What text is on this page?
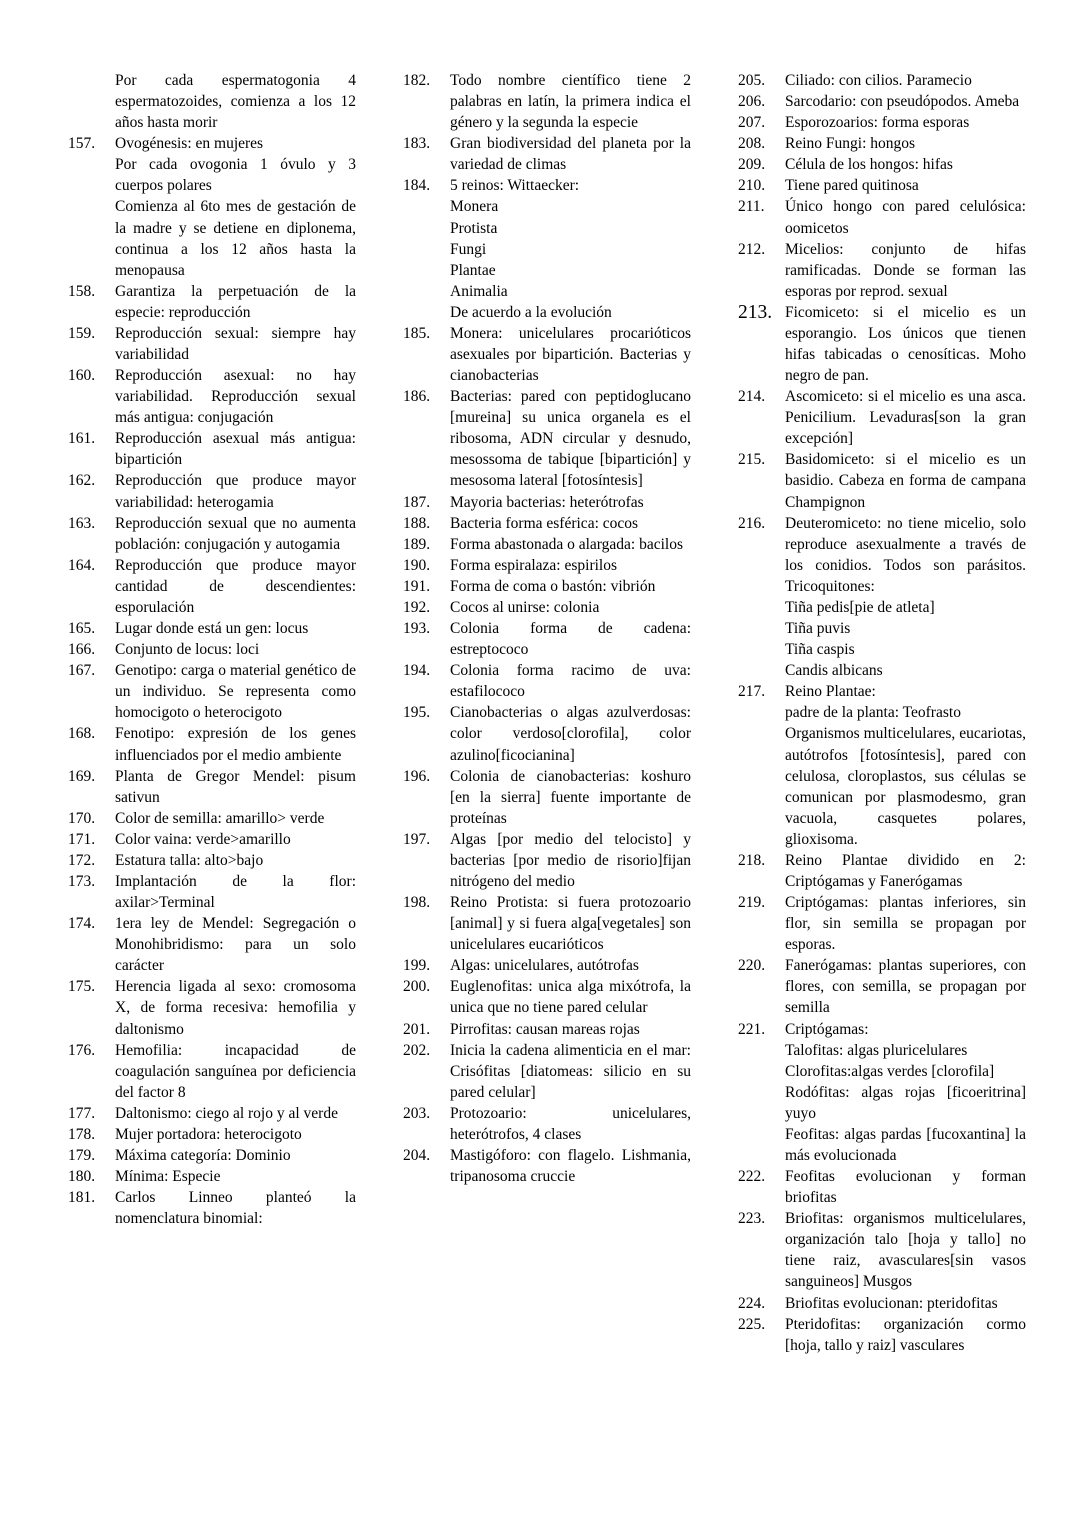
Por cada espermatogonia 4 espermatozoides, comienza a los 12 años hasta morir

157.	Ovogénesis: en mujeres

Por cada ovogonia 1 óvulo y 3 cuerpos polares

Comienza al 6to mes de gestación de la madre y se detiene en diplonema, continua a los 12 años hasta la menopausa

158.	Garantiza la perpetuación de la especie: reproducción

159.	Reproducción sexual: siempre hay variabilidad

160.	Reproducción asexual: no hay variabilidad. Reproducción sexual más antigua: conjugación

161.	Reproducción asexual más antigua: bipartición

162.	Reproducción que produce mayor variabilidad: heterogamia

163.	Reproducción sexual que no aumenta población: conjugación y autogamia

164.	Reproducción que produce mayor cantidad de descendientes: esporulación

165.	Lugar donde está un gen: locus

166.	Conjunto de locus: loci

167.	Genotipo: carga o material genético de un individuo. Se representa como homocigoto o heterocigoto

168.	Fenotipo: expresión de los genes influenciados por el medio ambiente

169.	Planta de Gregor Mendel: pisum sativun

170.	Color de semilla: amarillo> verde

171.	Color vaina: verde>amarillo

172.	Estatura talla: alto>bajo

173.	Implantación de la flor: axilar>Terminal

174.	1era ley de Mendel: Segregación o Monohibridismo: para un solo carácter

175.	Herencia ligada al sexo: cromosoma X, de forma recesiva: hemofilia y daltonismo

176.	Hemofilia: incapacidad de coagulación sanguínea por deficiencia del factor 8

177.	Daltonismo: ciego al rojo y al verde

178.	Mujer portadora: heterocigoto

179.	Máxima categoría: Dominio

180.	Mínima: Especie

181.	Carlos Linneo planteó la nomenclatura binomial:

182.	Todo nombre científico tiene 2 palabras en latín, la primera indica el género y la segunda la especie

183.	Gran biodiversidad del planeta por la variedad de climas

184.	5 reinos: Wittaecker:

Monera

Protista

Fungi

Plantae

Animalia

De acuerdo a la evolución

185.	Monera: unicelulares procarióticos asexuales por bipartición. Bacterias y cianobacterias

186.	Bacterias: pared con peptidoglucano [mureina] su unica organela es el ribosoma, ADN circular y desnudo, mesossoma de tabique [bipartición] y mesosoma lateral [fotosíntesis]

187.	Mayoria bacterias: heterótrofas

188.	Bacteria forma esférica: cocos

189.	Forma abastonada o alargada: bacilos

190.	Forma espiralaza: espirilos

191.	Forma de coma o bastón: vibrión

192.	Cocos al unirse: colonia

193.	Colonia forma de cadena: estreptococo

194.	Colonia forma racimo de uva: estafilococo

195.	Cianobacterias o algas azulverdosas: color verdoso[clorofila], color azulino[ficocianina]

196.	Colonia de cianobacterias: koshuro [en la sierra] fuente importante de proteínas

197.	Algas [por medio del telocisto] y bacterias [por medio de risorio]fijan nitrógeno del medio

198.	Reino Protista: si fuera protozoario [animal] y si fuera alga[vegetales] son unicelulares eucarióticos

199.	Algas: unicelulares, autótrofas

200.	Euglenofitas: unica alga mixótrofa, la unica que no tiene pared celular

201.	Pirrofitas: causan mareas rojas

202.	Inicia la cadena alimenticia en el mar: Crisófitas [diatomeas: silicio en su pared celular]

203.	Protozoario: unicelulares, heterótrofos, 4 clases

204.	Mastigóforo: con flagelo. Lishmania, tripanosoma cruccie

205.	Ciliado: con cilios. Paramecio

206.	Sarcodario: con pseudópodos. Ameba

207.	Esporozoarios: forma esporas

208.	Reino Fungi: hongos

209.	Célula de los hongos: hifas

210.	Tiene pared quitinosa

211.	Único hongo con pared celulósica: oomicetos

212.	Micelios: conjunto de hifas ramificadas. Donde se forman las esporas por reprod. sexual

213. Ficomiceto: si el micelio es un esporangio. Los únicos que tienen hifas tabicadas o cenosíticas. Moho negro de pan.

214.	Ascomiceto: si el micelio es una asca. Penicilium. Levaduras[son la gran excepción]

215.	Basidomiceto: si el micelio es un basidio. Cabeza en forma de campana Champignon

216.	Deuteromiceto: no tiene micelio, solo reproduce asexualmente a través de los conidios. Todos son parásitos. Tricoquitones:

Tiña pedis[pie de atleta]

Tiña puvis

Tiña caspis

Candis albicans

217.	Reino Plantae:

padre de la planta: Teofrasto

Organismos multicelulares, eucariotas, autótrofos [fotosíntesis], pared con celulosa, cloroplastos, sus células se comunican por plasmodesmo, gran vacuola, casquetes polares, glioxisoma.

218.	Reino Plantae dividido en 2: Criptógamas y Fanerógamas

219.	Criptógamas: plantas inferiores, sin flor, sin semilla se propagan por esporas.

220.	Fanerógamas: plantas superiores, con flores, con semilla, se propagan por semilla

221.	Criptógamas:

Talofitas: algas pluricelulares

Clorofitas:algas verdes [clorofila]

Rodófitas: algas rojas [ficoeritrina] yuyo

Feofitas: algas pardas [fucoxantina] la más evolucionada

222.	Feofitas evolucionan y forman briofitas

223.	Briofitas: organismos multicelulares, organización talo [hoja y tallo] no tiene raiz, avasculares[sin vasos sanguineos] Musgos

224.	Briofitas evolucionan: pteridofitas

225.	Pteridofitas: organización cormo [hoja, tallo y raiz] vasculares
